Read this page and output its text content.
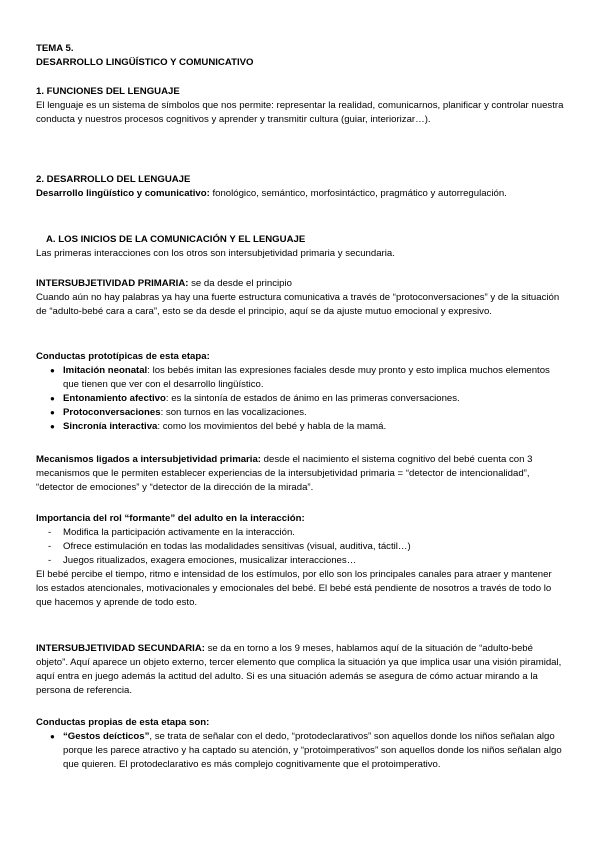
TEMA 5.

DESARROLLO LINGÜÍSTICO Y COMUNICATIVO

1. FUNCIONES DEL LENGUAJE

El lenguaje es un sistema de símbolos que nos permite: representar la realidad, comunicarnos, planificar y controlar nuestra conducta y nuestros procesos cognitivos y aprender y transmitir cultura (guiar, interiorizar…).

2. DESARROLLO DEL LENGUAJE

Desarrollo lingüístico y comunicativo: fonológico, semántico, morfosintáctico, pragmático y autorregulación.

A. LOS INICIOS DE LA COMUNICACIÓN Y EL LENGUAJE

Las primeras interacciones con los otros son intersubjetividad primaria y secundaria.

INTERSUBJETIVIDAD PRIMARIA: se da desde el principio

Cuando aún no hay palabras ya hay una fuerte estructura comunicativa a través de “protoconversaciones” y de la situación de “adulto-bebé cara a cara”, esto se da desde el principio, aquí se da ajuste mutuo emocional y expresivo.

Conductas prototípicas de esta etapa:

● Imitación neonatal: los bebés imitan las expresiones faciales desde muy pronto y esto implica muchos elementos que tienen que ver con el desarrollo lingüístico.
● Entonamiento afectivo: es la sintonía de estados de ánimo en las primeras conversaciones.
● Protoconversaciones: son turnos en las vocalizaciones.
● Sincronía interactiva: como los movimientos del bebé y habla de la mamá.

Mecanismos ligados a intersubjetividad primaria: desde el nacimiento el sistema cognitivo del bebé cuenta con 3 mecanismos que le permiten establecer experiencias de la intersubjetividad primaria = “detector de intencionalidad”, “detector de emociones” y “detector de la dirección de la mirada”.

Importancia del rol “formante” del adulto en la interacción:

- Modifica la participación activamente en la interacción.
- Ofrece estimulación en todas las modalidades sensitivas (visual, auditiva, táctil…)
- Juegos ritualizados, exagera emociones, musicalizar interacciones…

El bebé percibe el tiempo, ritmo e intensidad de los estímulos, por ello son los principales canales para atraer y mantener los estados atencionales, motivacionales y emocionales del bebé. El bebé está pendiente de nosotros a través de todo lo que hacemos y aprende de todo esto.

INTERSUBJETIVIDAD SECUNDARIA: se da en torno a los 9 meses, hablamos aquí de la situación de “adulto-bebé objeto”. Aquí aparece un objeto externo, tercer elemento que complica la situación ya que implica usar una visión piramidal, aquí entra en juego además la actitud del adulto. Si es una situación además se asegura de cómo actuar mirando a la persona de referencia.

Conductas propias de esta etapa son:

● “Gestos deícticos”, se trata de señalar con el dedo, “protodeclarativos” son aquellos donde los niños señalan algo porque les parece atractivo y ha captado su atención, y “protoimperativos” son aquellos donde los niños señalan algo que quieren. El protodeclarativo es más complejo cognitivamente que el protoimperativo.
